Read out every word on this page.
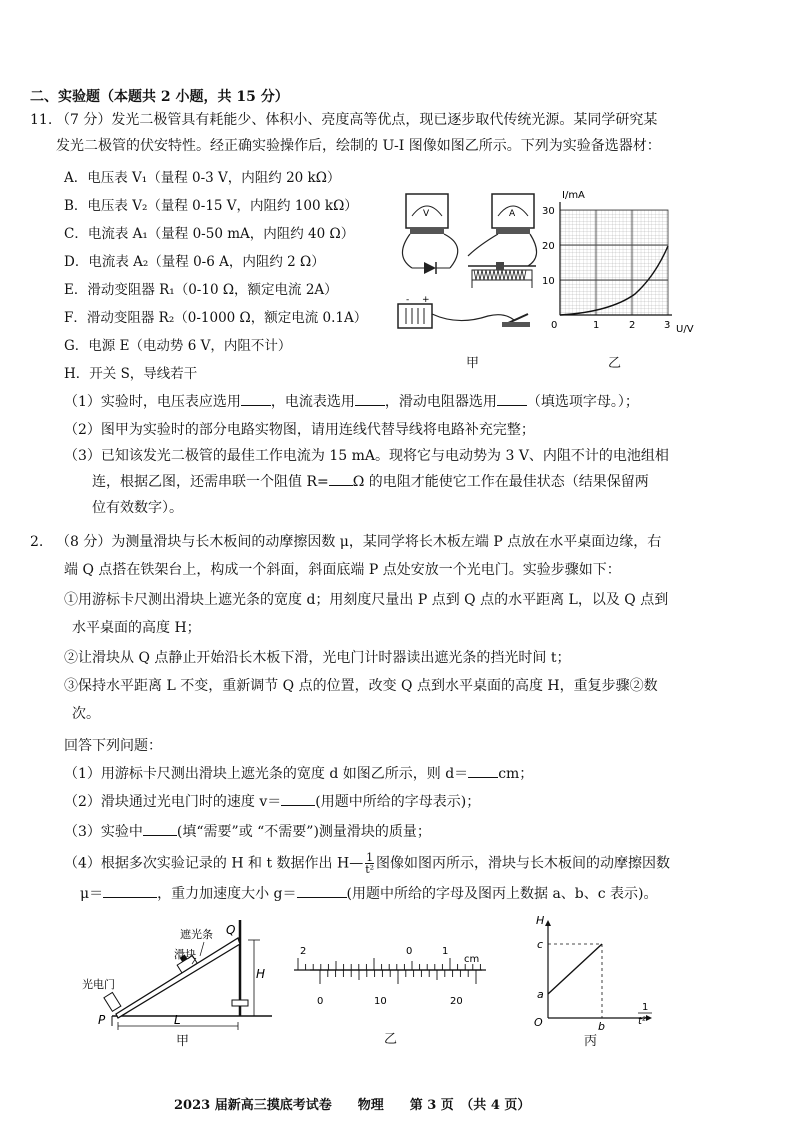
二、实验题（本题共 2 小题，共 15 分）
11. （7 分）发光二极管具有耗能少、体积小、亮度高等优点，现已逐步取代传统光源。某同学研究某
发光二极管的伏安特性。经正确实验操作后，绘制的 U-I 图像如图乙所示。下列为实验备选器材：
A．电压表 V₁（量程 0-3 V，内阻约 20 kΩ）
B．电压表 V₂（量程 0-15 V，内阻约 100 kΩ）
C．电流表 A₁（量程 0-50 mA，内阻约 40 Ω）
D．电流表 A₂（量程 0-6 A，内阻约 2 Ω）
E．滑动变阻器 R₁（0-10 Ω，额定电流 2A）
F．滑动变阻器 R₂（0-1000 Ω，额定电流 0.1A）
G．电源 E（电动势 6 V，内阻不计）
H．开关 S，导线若干
V	A
- +
甲
I/mA
U/V
30
20
10
0	1	2	3
乙
（1）实验时，电压表应选用 ，电流表选用 ，滑动电阻器选用 （填选项字母。）；
（2）图甲为实验时的部分电路实物图，请用连线代替导线将电路补充完整；
（3）已知该发光二极管的最佳工作电流为 15 mA。现将它与电动势为 3 V、内阻不计的电池组相
连，根据乙图，还需串联一个阻值 R= Ω 的电阻才能使它工作在最佳状态（结果保留两
位有效数字）。
2. （8 分）为测量滑块与长木板间的动摩擦因数 μ，某同学将长木板左端 P 点放在水平桌面边缘，右
端 Q 点搭在铁架台上，构成一个斜面，斜面底端 P 点处安放一个光电门。实验步骤如下：
①用游标卡尺测出滑块上遮光条的宽度 d；用刻度尺量出 P 点到 Q 点的水平距离 L，以及 Q 点到
水平桌面的高度 H；
②让滑块从 Q 点静止开始沿长木板下滑，光电门计时器读出遮光条的挡光时间 t；
③保持水平距离 L 不变，重新调节 Q 点的位置，改变 Q 点到水平桌面的高度 H，重复步骤②数
次。
回答下列问题：
（1）用游标卡尺测出滑块上遮光条的宽度 d 如图乙所示，则 d＝ cm；
（2）滑块通过光电门时的速度 v＝ (用题中所给的字母表示)；
（3）实验中 (填“需要”或 “不需要”)测量滑块的质量；
（4）根据多次实验记录的 H 和 t 数据作出 H— $\frac{1}{\text{t²}}$ 图像如图丙所示，滑块与长木板间的动摩擦因数
μ＝	，重力加速度大小 g＝	(用题中所给的字母及图丙上数据 a、b、c 表示)。
遮光条
滑块
光电门
P
Q
H
L
甲
0	1
2
cm
0	10	20
乙
H
c
a
O	b
1
t²
丙
2023 届新高三摸底考试卷　　物理　　第 3 页　（共 4 页）
